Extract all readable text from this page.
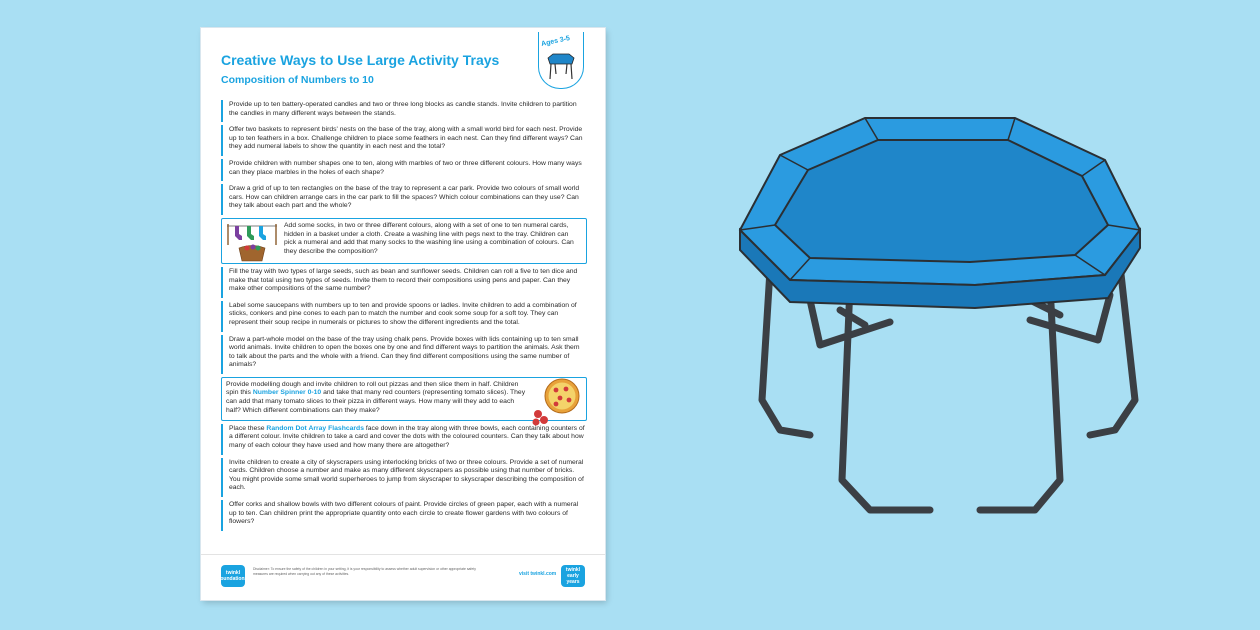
Creative Ways to Use Large Activity Trays
Composition of Numbers to 10
Ages 3-5
Provide up to ten battery-operated candles and two or three long blocks as candle stands. Invite children to partition the candles in many different ways between the stands.
Offer two baskets to represent birds' nests on the base of the tray, along with a small world bird for each nest. Provide up to ten feathers in a box. Challenge children to place some feathers in each nest. Can they find different ways? Can they add numeral labels to show the quantity in each nest and the total?
Provide children with number shapes one to ten, along with marbles of two or three different colours. How many ways can they place marbles in the holes of each shape?
Draw a grid of up to ten rectangles on the base of the tray to represent a car park. Provide two colours of small world cars. How can children arrange cars in the car park to fill the spaces? Which colour combinations can they use? Can they talk about each part and the whole?
Add some socks, in two or three different colours, along with a set of one to ten numeral cards, hidden in a basket under a cloth. Create a washing line with pegs next to the tray. Children can pick a numeral and add that many socks to the washing line using a combination of colours. Can they describe the composition?
Fill the tray with two types of large seeds, such as bean and sunflower seeds. Children can roll a five to ten dice and make that total using two types of seeds. Invite them to record their compositions using pens and paper. Can they make other compositions of the same number?
Label some saucepans with numbers up to ten and provide spoons or ladles. Invite children to add a combination of sticks, conkers and pine cones to each pan to match the number and cook some soup for a soft toy. They can represent their soup recipe in numerals or pictures to show the different ingredients and the total.
Draw a part-whole model on the base of the tray using chalk pens. Provide boxes with lids containing up to ten small world animals. Invite children to open the boxes one by one and find different ways to partition the animals. Ask them to talk about the parts and the whole with a friend. Can they find different compositions using the same number of animals?
Provide modelling dough and invite children to roll out pizzas and then slice them in half. Children spin this Number Spinner 0-10 and take that many red counters (representing tomato slices). They can add that many tomato slices to their pizza in different ways. How many will they add to each half? Which different combinations can they make?
Place these Random Dot Array Flashcards face down in the tray along with three bowls, each containing counters of a different colour. Invite children to take a card and cover the dots with the coloured counters. Can they talk about how many of each colour they have used and how many there are altogether?
Invite children to create a city of skyscrapers using interlocking bricks of two or three colours. Provide a set of numeral cards. Children choose a number and make as many different skyscrapers as possible using that number of bricks. You might provide some small world superheroes to jump from skyscraper to skyscraper describing the composition of each.
Offer corks and shallow bowls with two different colours of paint. Provide circles of green paper, each with a numeral up to ten. Can children print the appropriate quantity onto each circle to create flower gardens with two colours of flowers?
twinkl foundations
Disclaimer: To ensure the safety of the children in your setting, it is your responsibility to assess whether adult supervision or other appropriate safety measures are required when carrying out any of these activities.	visit twinkl.com
twinkl early years
